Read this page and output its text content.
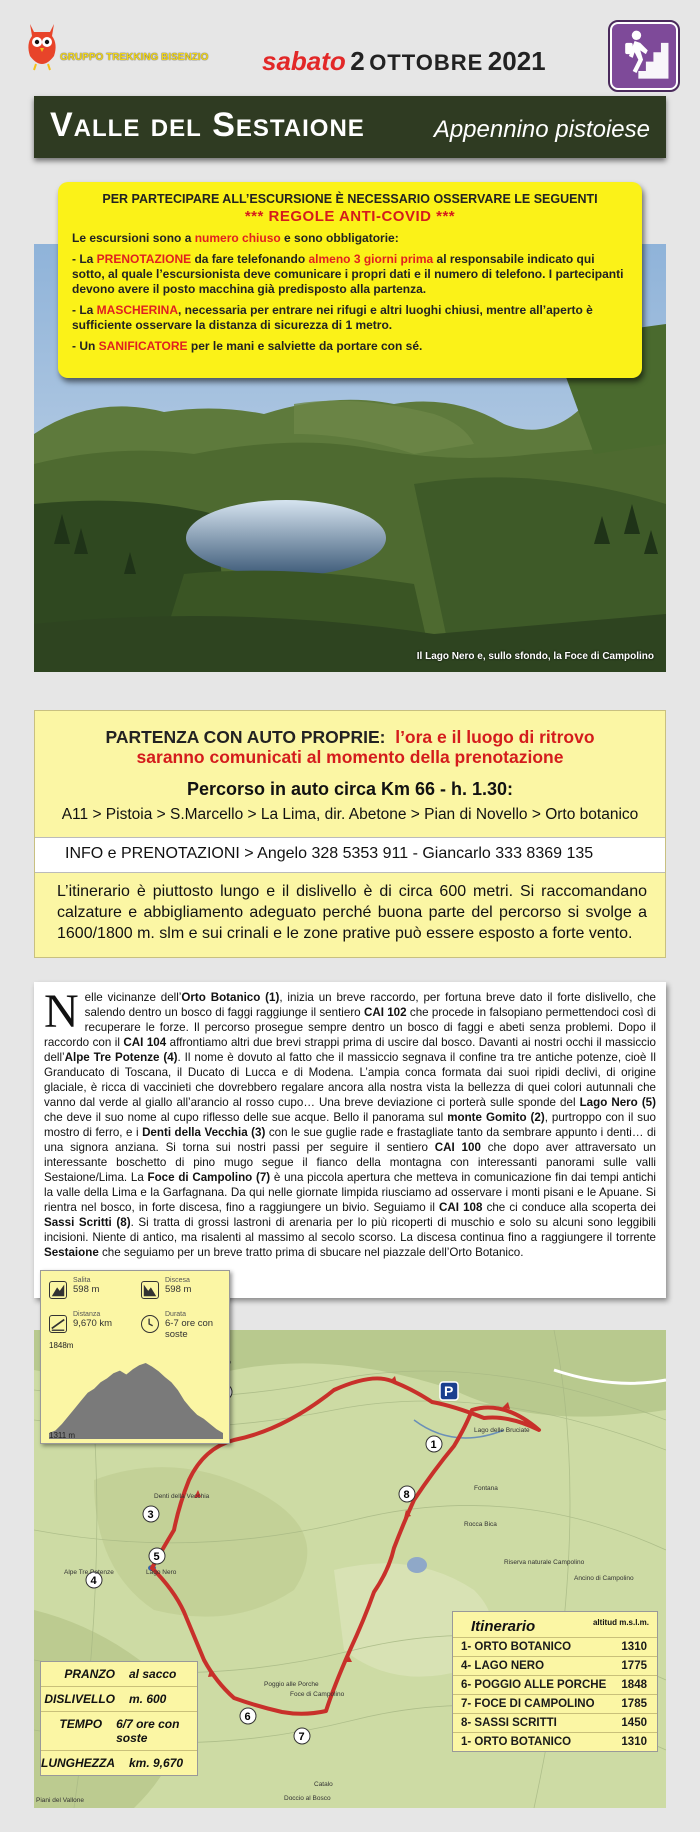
GRUPPO TREKKING BISENZIO sabato 2 OTTOBRE 2021
Valle del Sestaione	Appennino pistoiese
Il Lago Nero e, sullo sfondo, la Foce di Campolino
PER PARTECIPARE ALL’ESCURSIONE È NECESSARIO OSSERVARE LE SEGUENTI
*** REGOLE ANTI-COVID ***

Le escursioni sono a numero chiuso e sono obbligatorie:

- La PRENOTAZIONE da fare telefonando almeno 3 giorni prima al responsabile indicato qui sotto, al quale l’escursionista deve comunicare i propri dati e il numero di telefono. I partecipanti devono avere il posto macchina già predisposto alla partenza.

- La MASCHERINA, necessaria per entrare nei rifugi e altri luoghi chiusi, mentre all’aperto è sufficiente osservare la distanza di sicurezza di 1 metro.

- Un SANIFICATORE per le mani e salviette da portare con sé.

PARTENZA CON AUTO PROPRIE: l’ora e il luogo di ritrovo
saranno comunicati al momento della prenotazione
Percorso in auto circa Km 66 - h. 1.30:
A11 > Pistoia > S.Marcello > La Lima, dir. Abetone > Pian di Novello > Orto botanico
INFO e PRENOTAZIONI > Angelo 328 5353 911 - Giancarlo 333 8369 135
L’itinerario è piuttosto lungo e il dislivello è di circa 600 metri. Si raccomandano calzature e abbigliamento adeguato perché buona parte del percorso si svolge a 1600/1800 m. slm e sui crinali e le zone prative può essere esposto a forte vento.
N elle vicinanze dell’Orto Botanico (1), inizia un breve raccordo, per fortuna breve dato il forte dislivello, che salendo dentro un bosco di faggi raggiunge il sentiero CAI 102 che procede in falsopiano permettendoci così di recuperare le forze. Il percorso prosegue sempre dentro un bosco di faggi e abeti senza problemi. Dopo il raccordo con il CAI 104 affrontiamo altri due brevi strappi prima di uscire dal bosco. Davanti ai nostri occhi il massiccio dell’Alpe Tre Potenze (4). Il nome è dovuto al fatto che il massiccio segnava il confine tra tre antiche potenze, cioè Il Granducato di Toscana, il Ducato di Lucca e di Modena. L’ampia conca formata dai suoi ripidi declivi, di origine glaciale, è ricca di vaccinieti che dovrebbero regalare ancora alla nostra vista la bellezza di quei colori autunnali che vanno dal verde al giallo all’arancio al rosso cupo… Una breve deviazione ci porterà sulle sponde del Lago Nero (5) che deve il suo nome al cupo riflesso delle sue acque. Bello il panorama sul monte Gomito (2), purtroppo con il suo mostro di ferro, e i Denti della Vecchia (3) con le sue guglie rade e frastagliate tanto da sembrare appunto i denti… di una signora anziana. Si torna sui nostri passi per seguire il sentiero CAI 100 che dopo aver attraversato un interessante boschetto di pino mugo segue il fianco della montagna con interessanti panorami sulle valli Sestaione/Lima. La Foce di Campolino (7) è una piccola apertura che metteva in comunicazione fin dai tempi antichi la valle della Lima e la Garfagnana. Da qui nelle giornate limpida riusciamo ad osservare i monti pisani e le Apuane. Si rientra nel bosco, in forte discesa, fino a raggiungere un bivio. Seguiamo il CAI 108 che ci conduce alla scoperta dei Sassi Scritti (8). Si tratta di grossi lastroni di arenaria per lo più ricoperti di muschio e solo su alcuni sono leggibili incisioni. Niente di antico, ma risalenti al massimo al secolo scorso. La discesa continua fino a raggiungere il torrente Sestaione che seguiamo per un breve tratto prima di sbucare nel piazzale dell’Orto Botanico.
P
1
3
4
5
6
7
8
Denti della Vecchia
Alpe Tre Potenze	Lago Nero
Poggio alle Porche
Foce di Campolino
Lago delle Bruciate
Fontana
Rocca Bica
Riserva naturale Campolino
Ancino di Campolino
Doccio al Bosco
Piani del Vallone
Catalo
Salita
598 m
Discesa
598 m
Distanza
9,670 km
Durata
6-7 ore con soste
1848m
1311 m
PRANZO	al sacco
DISLIVELLO	m. 600
TEMPO	6/7 ore con soste
LUNGHEZZA	km. 9,670
Itinerario	altitud m.s.l.m.
1- ORTO BOTANICO	1310
4- LAGO NERO	1775
6- POGGIO ALLE PORCHE 1848
7- FOCE DI CAMPOLINO 1785
8- SASSI SCRITTI	1450
1- ORTO BOTANICO	1310
